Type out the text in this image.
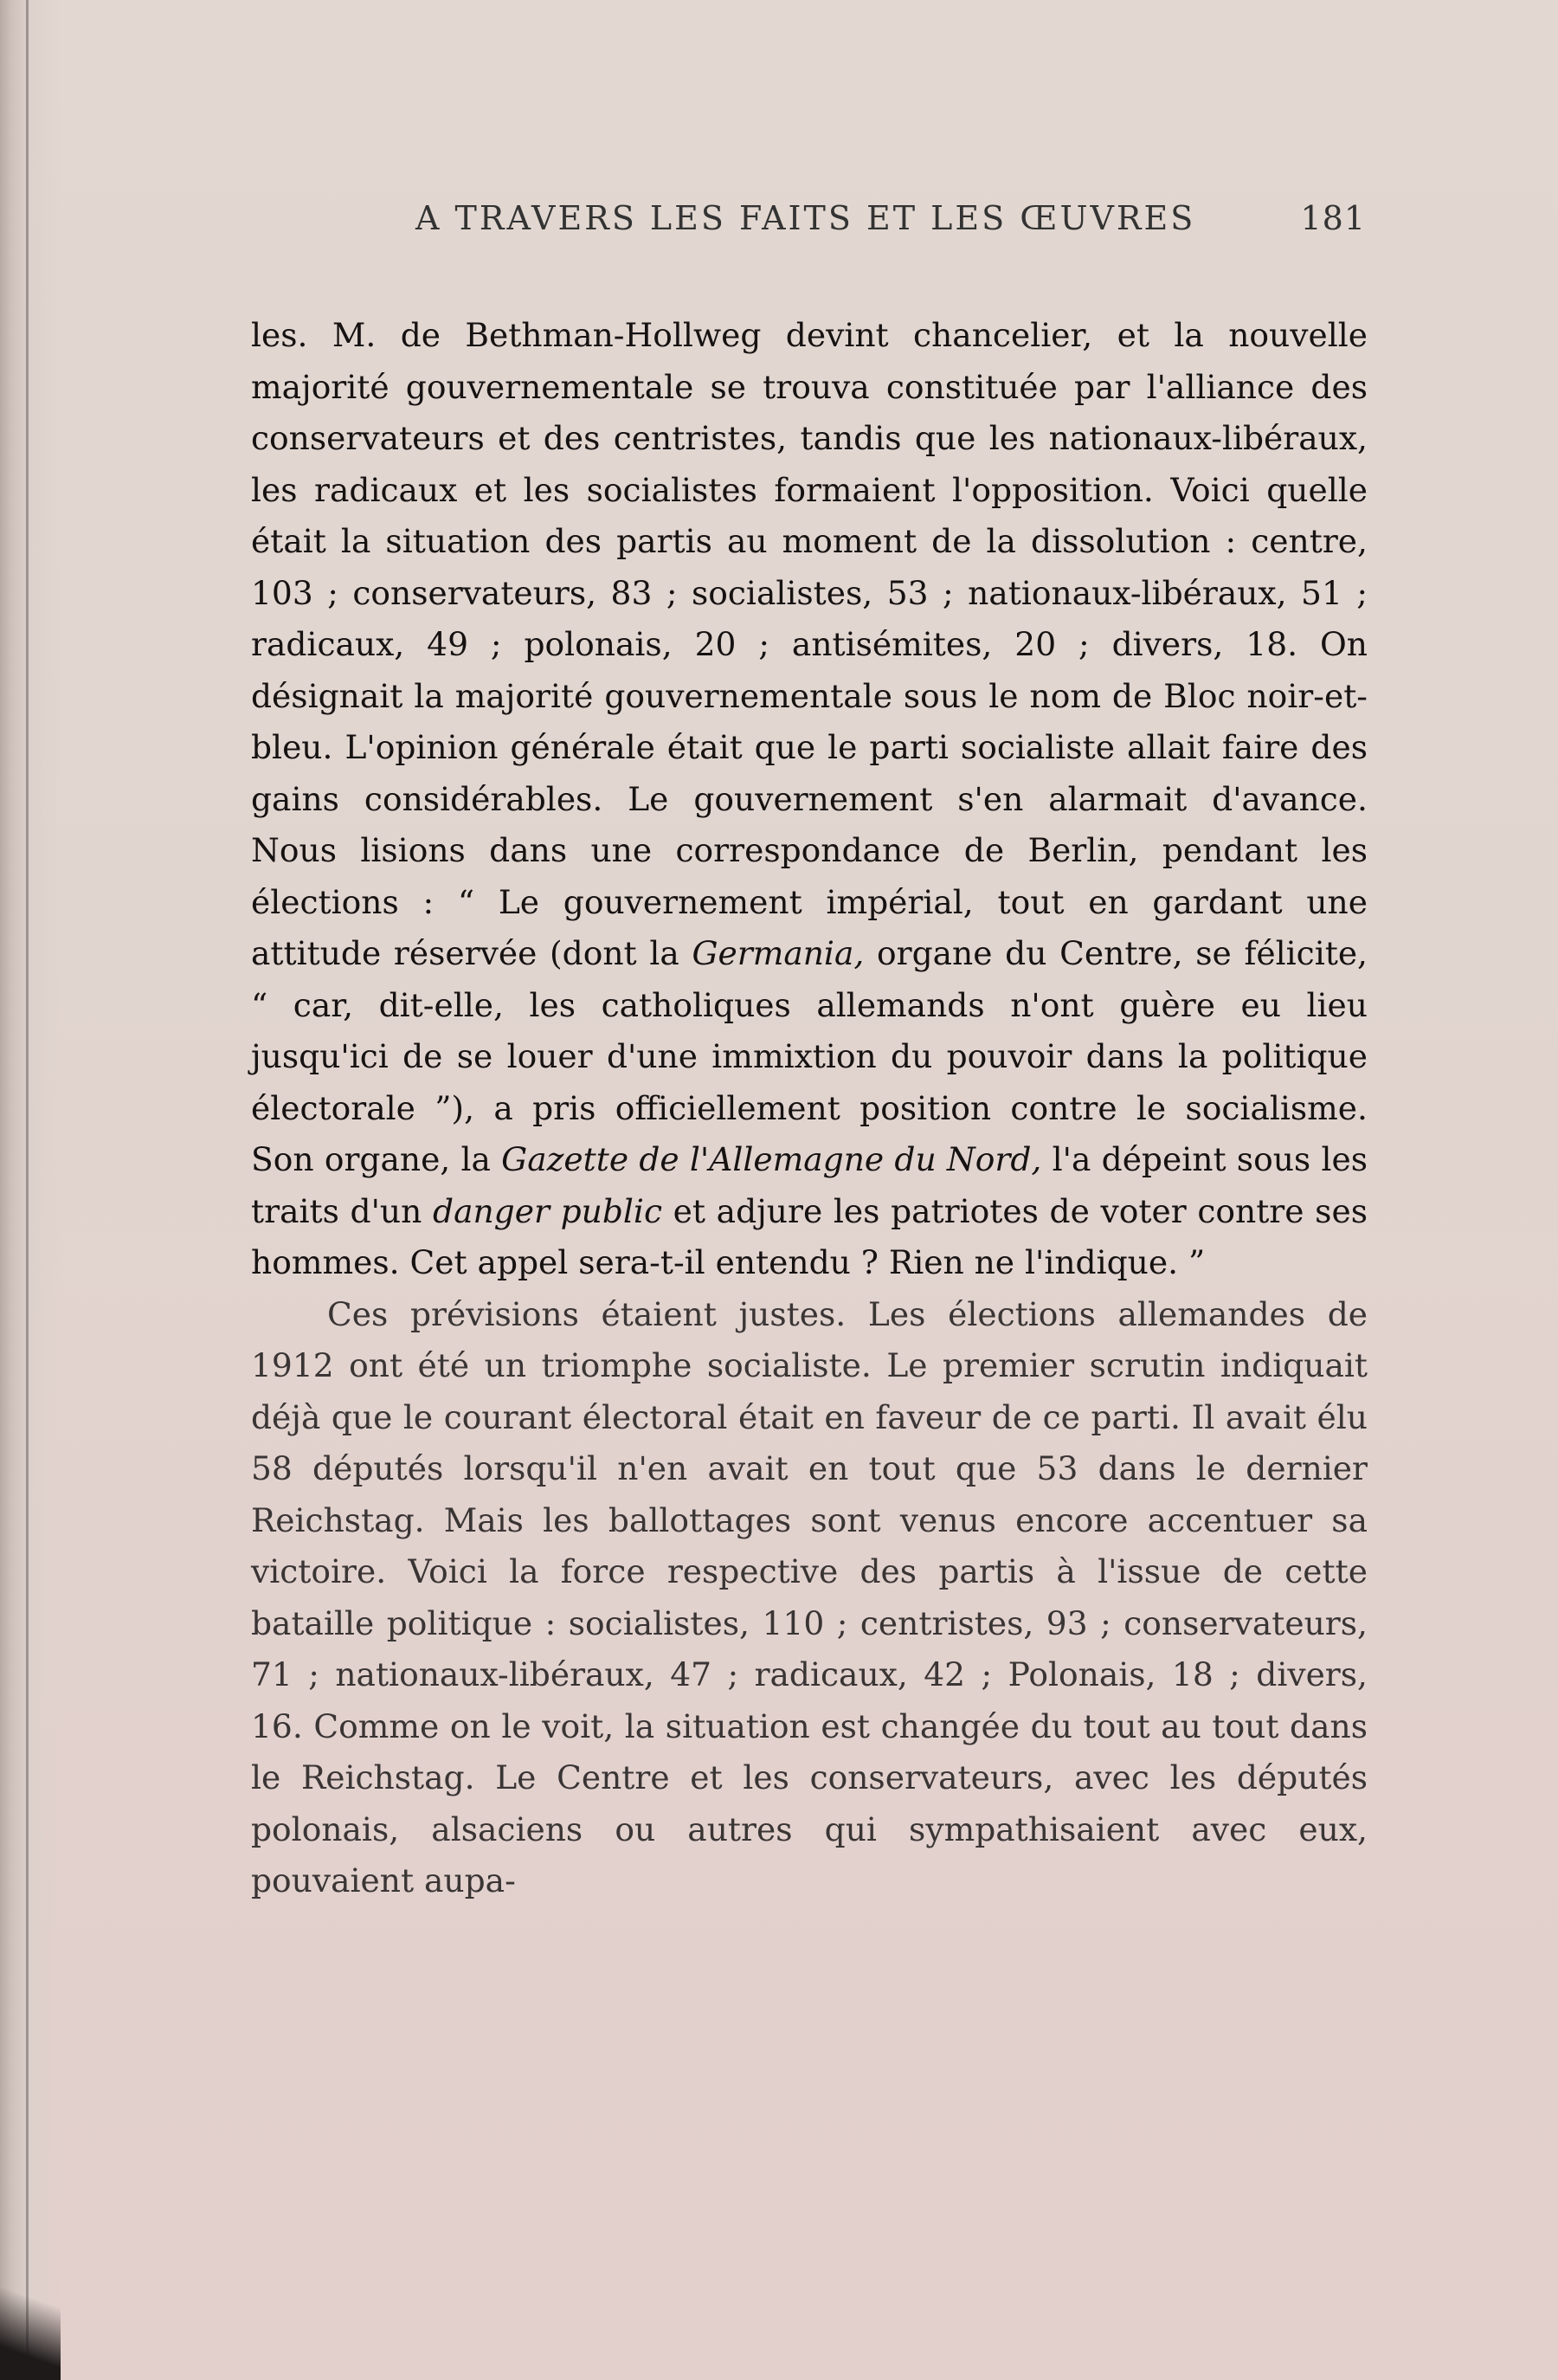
A TRAVERS LES FAITS ET LES ŒUVRES	181

les. M. de Bethman-Hollweg devint chancelier, et la nouvelle majorité gouvernementale se trouva constituée par l'alliance des conservateurs et des centristes, tandis que les nationaux-libéraux, les radicaux et les socialistes formaient l'opposition. Voici quelle était la situation des partis au moment de la dissolution : centre, 103 ; conservateurs, 83 ; socialistes, 53 ; nationaux-libéraux, 51 ; radicaux, 49 ; polonais, 20 ; antisémites, 20 ; divers, 18. On désignait la majorité gouvernementale sous le nom de Bloc noir-et-bleu. L'opinion générale était que le parti socialiste allait faire des gains considérables. Le gouvernement s'en alarmait d'avance. Nous lisions dans une correspondance de Berlin, pendant les élections : “ Le gouvernement impérial, tout en gardant une attitude réservée (dont la Germania, organe du Centre, se félicite, “ car, dit-elle, les catholiques allemands n'ont guère eu lieu jusqu'ici de se louer d'une immixtion du pouvoir dans la politique électorale ”), a pris officiellement position contre le socialisme. Son organe, la Gazette de l'Allemagne du Nord, l'a dépeint sous les traits d'un danger public et adjure les patriotes de voter contre ses hommes. Cet appel sera-t-il entendu ? Rien ne l'indique. ”

Ces prévisions étaient justes. Les élections allemandes de 1912 ont été un triomphe socialiste. Le premier scrutin indiquait déjà que le courant électoral était en faveur de ce parti. Il avait élu 58 députés lorsqu'il n'en avait en tout que 53 dans le dernier Reichstag. Mais les ballottages sont venus encore accentuer sa victoire. Voici la force respective des partis à l'issue de cette bataille politique : socialistes, 110 ; centristes, 93 ; conservateurs, 71 ; nationaux-libéraux, 47 ; radicaux, 42 ; Polonais, 18 ; divers, 16. Comme on le voit, la situation est changée du tout au tout dans le Reichstag. Le Centre et les conservateurs, avec les députés polonais, alsaciens ou autres qui sympathisaient avec eux, pouvaient aupa-
